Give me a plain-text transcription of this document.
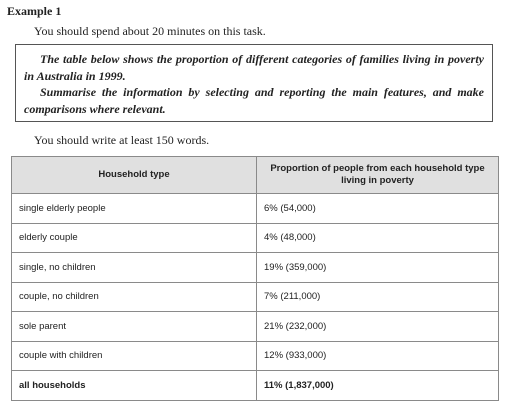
Example 1
You should spend about 20 minutes on this task.

The table below shows the proportion of different categories of families living in poverty in Australia in 1999.

Summarise the information by selecting and reporting the main features, and make comparisons where relevant.

You should write at least 150 words.
Household type	Proportion of people from each household type living in poverty
single elderly people	6% (54,000)
elderly couple	4% (48,000)
single, no children	19% (359,000)
couple, no children	7% (211,000)
sole parent	21% (232,000)
couple with children	12% (933,000)
all households	11% (1,837,000)
